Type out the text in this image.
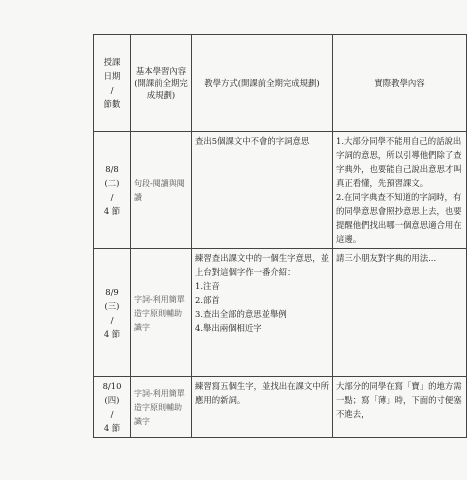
授課
日期
/
節數	基本學習內容(開課前全期完成規劃)	教學方式(開課前全期完成規劃)	實際教學內容

8/8
(二)
/
4 節	句段-閱讀與閱讀	查出5個課文中不會的字詞意思	1.大部分同學不能用自己的話說出字詞的意思，所以引導他們除了查字典外，也要能自己說出意思才叫真正看懂，先預習課文。
2.在同字典查不知道的字詞時，有的同學意思會照抄意思上去，也要提醒他們找出哪一個意思適合用在這邊。

8/9
(三)
/
4 節	字詞-利用簡單造字原則輔助識字	練習查出課文中的一個生字意思，並上台對這個字作一番介紹：
1.注音
2.部首
3.查出全部的意思並舉例
4.舉出兩個相近字	請三小朋友對字典的用法...

8/10
(四)
/
4 節	字詞-利用簡單造字原則輔助識字	練習寫五個生字，並找出在課文中所應用的新詞。	大部分的同學在寫「寶」的地方需一點；寫「薄」時，下面的寸便塞不進去，
